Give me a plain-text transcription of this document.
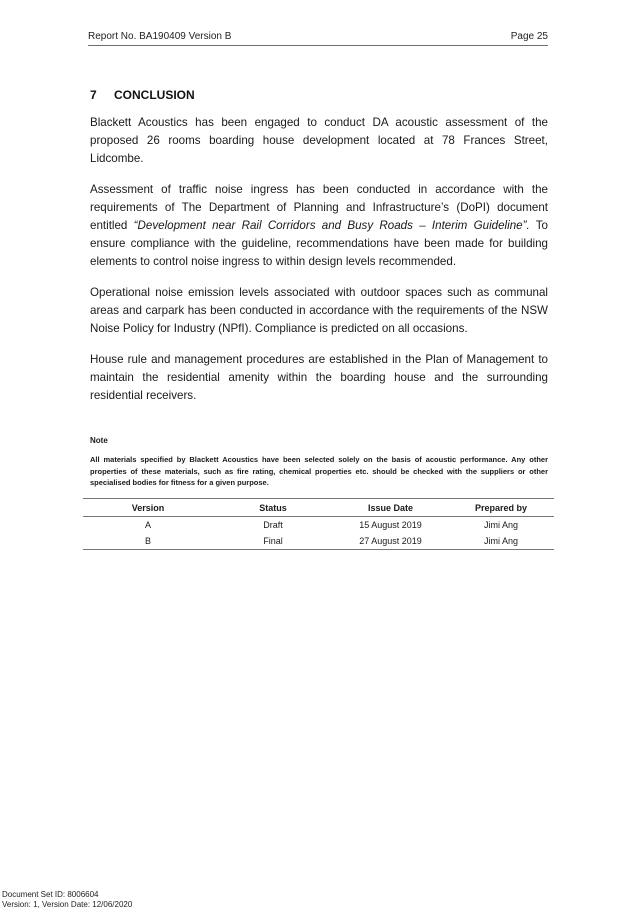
Report No. BA190409 Version B	Page 25
7 CONCLUSION

Blackett Acoustics has been engaged to conduct DA acoustic assessment of the proposed 26 rooms boarding house development located at 78 Frances Street, Lidcombe.

Assessment of traffic noise ingress has been conducted in accordance with the requirements of The Department of Planning and Infrastructure’s (DoPI) document entitled “Development near Rail Corridors and Busy Roads – Interim Guideline”. To ensure compliance with the guideline, recommendations have been made for building elements to control noise ingress to within design levels recommended.

Operational noise emission levels associated with outdoor spaces such as communal areas and carpark has been conducted in accordance with the requirements of the NSW Noise Policy for Industry (NPfI). Compliance is predicted on all occasions.

House rule and management procedures are established in the Plan of Management to maintain the residential amenity within the boarding house and the surrounding residential receivers.

Note

All materials specified by Blackett Acoustics have been selected solely on the basis of acoustic performance. Any other properties of these materials, such as fire rating, chemical properties etc. should be checked with the suppliers or other specialised bodies for fitness for a given purpose.

Version	Status	Issue Date	Prepared by
A	Draft	15 August 2019	Jimi Ang
B	Final	27 August 2019	Jimi Ang
Document Set ID: 8006604
Version: 1, Version Date: 12/06/2020
